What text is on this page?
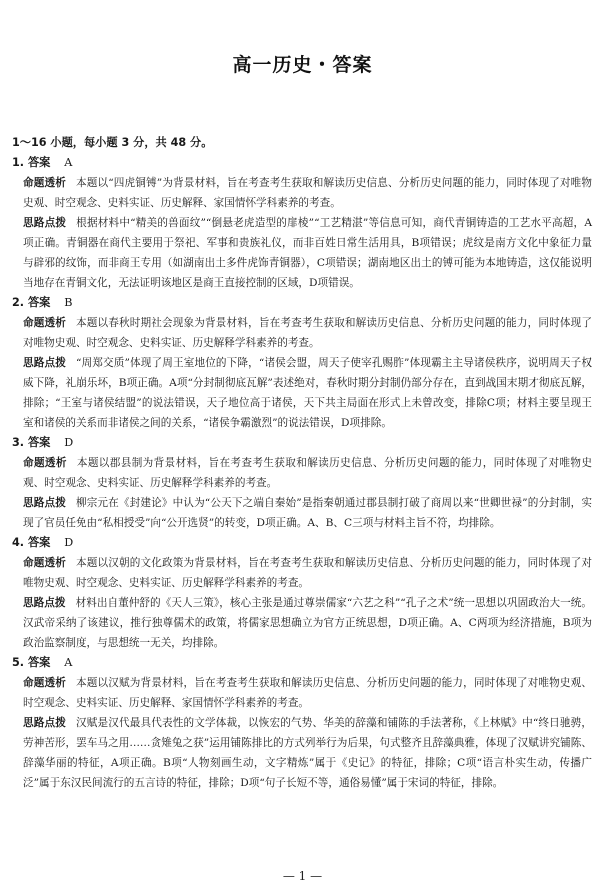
高一历史・答案
1～16 小题，每小题 3 分，共 48 分。
1. 答案 A
命题透析 本题以“四虎铜镈”为背景材料，旨在考查考生获取和解读历史信息、分析历史问题的能力，同时体现了对唯物史观、时空观念、史料实证、历史解释、家国情怀学科素养的考查。
思路点拨 根据材料中“精美的兽面纹”“倒悬老虎造型的扉棱”“工艺精湛”等信息可知，商代青铜铸造的工艺水平高超，A项正确。青铜器在商代主要用于祭祀、军事和贵族礼仪，而非百姓日常生活用具，B项错误；虎纹是南方文化中象征力量与辟邪的纹饰，而非商王专用（如湖南出土多件虎饰青铜器），C项错误；湖南地区出土的镈可能为本地铸造，这仅能说明当地存在青铜文化，无法证明该地区是商王直接控制的区域，D项错误。
2. 答案 B
命题透析 本题以春秋时期社会现象为背景材料，旨在考查考生获取和解读历史信息、分析历史问题的能力，同时体现了对唯物史观、时空观念、史料实证、历史解释学科素养的考查。
思路点拨 “周郑交质”体现了周王室地位的下降，“诸侯会盟，周天子使宰孔赐胙”体现霸主主导诸侯秩序，说明周天子权威下降，礼崩乐坏，B项正确。A项“分封制彻底瓦解”表述绝对，春秋时期分封制仍部分存在，直到战国末期才彻底瓦解，排除；“王室与诸侯结盟”的说法错误，天子地位高于诸侯，天下共主局面在形式上未曾改变，排除C项；材料主要呈现王室和诸侯的关系而非诸侯之间的关系，“诸侯争霸激烈”的说法错误，D项排除。
3. 答案 D
命题透析 本题以郡县制为背景材料，旨在考查考生获取和解读历史信息、分析历史问题的能力，同时体现了对唯物史观、时空观念、史料实证、历史解释学科素养的考查。
思路点拨 柳宗元在《封建论》中认为“公天下之端自秦始”是指秦朝通过郡县制打破了商周以来“世卿世禄”的分封制，实现了官员任免由“私相授受”向“公开选贤”的转变，D项正确。A、B、C三项与材料主旨不符，均排除。
4. 答案 D
命题透析 本题以汉朝的文化政策为背景材料，旨在考查考生获取和解读历史信息、分析历史问题的能力，同时体现了对唯物史观、时空观念、史料实证、历史解释学科素养的考查。
思路点拨 材料出自董仲舒的《天人三策》，核心主张是通过尊崇儒家“六艺之科”“孔子之术”统一思想以巩固政治大一统。汉武帝采纳了该建议，推行独尊儒术的政策，将儒家思想确立为官方正统思想，D项正确。A、C两项为经济措施，B项为政治监察制度，与思想统一无关，均排除。
5. 答案 A
命题透析 本题以汉赋为背景材料，旨在考查考生获取和解读历史信息、分析历史问题的能力，同时体现了对唯物史观、时空观念、史料实证、历史解释、家国情怀学科素养的考查。
思路点拨 汉赋是汉代最具代表性的文学体裁，以恢宏的气势、华美的辞藻和铺陈的手法著称，《上林赋》中“终日驰骋，劳神苦形，罢车马之用……贪雉兔之获”运用铺陈排比的方式列举行为后果，句式整齐且辞藻典雅，体现了汉赋讲究铺陈、辞藻华丽的特征，A项正确。B项“人物刻画生动，文字精炼”属于《史记》的特征，排除；C项“语言朴实生动，传播广泛”属于东汉民间流行的五言诗的特征，排除；D项“句子长短不等，通俗易懂”属于宋词的特征，排除。
— 1 —
